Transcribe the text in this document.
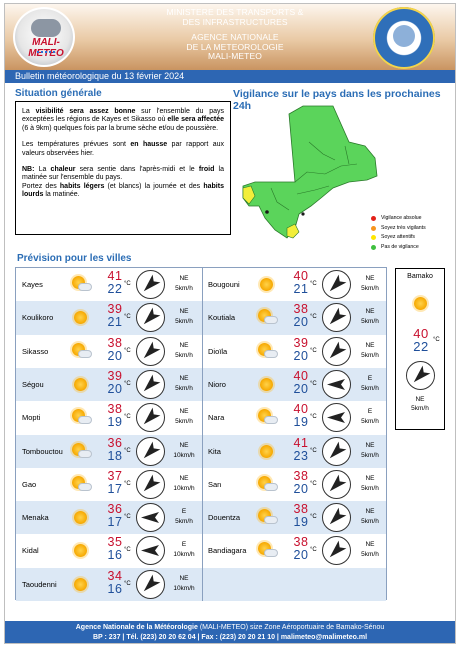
MALI-METEO
MINISTERE DES TRANSPORTS &
DES INFRASTRUCTURES
AGENCE NATIONALE
DE LA METEOROLOGIE
MALI-METEO
Bulletin météorologique du 13 février 2024
Situation générale	Vigilance sur le pays dans les prochaines 24h

La visibilité sera assez bonne sur l'ensemble du pays exceptées les régions de Kayes et Sikasso où elle sera affectée (6 à 9km) quelques fois par la brume sèche et/ou de poussière.

Les températures prévues sont en hausse par rapport aux valeurs observées hier.

NB: La chaleur sera sentie dans l'après-midi et le froid la matinée sur l'ensemble du pays.
Portez des habits légers (et blancs) la journée et des habits lourds la matinée.

Vigilance absolue
Soyez très vigilants
Soyez attentifs
Pas de vigilance
Prévision pour les villes
Kayes
41
22 °C
NE
5km/h
Koulikoro
39
21 °C
NE
5km/h
Sikasso
38
20 °C
NE
5km/h
Ségou
39
20 °C
NE
5km/h
Mopti
38
19 °C
NE
5km/h
Tombouctou
36
18 °C
NE
10km/h
Gao
37
17 °C
NE
10km/h
Menaka
36
17 °C
E
5km/h
Kidal
35
16 °C
E
10km/h
Taoudenni
34
16 °C
NE
10km/h
Bougouni
40
21 °C
NE
5km/h
Koutiala
38
20 °C
NE
5km/h
Dioïla
39
20 °C
NE
5km/h
Nioro
40
20 °C
E
5km/h
Nara
40
19 °C
E
5km/h
Kita
41
23 °C
NE
5km/h
San
38
20 °C
NE
5km/h
Douentza
38
19 °C
NE
5km/h
Bandiagara
38
20 °C
NE
5km/h
Bamako
40
22 °C
NE
5km/h
Agence Nationale de la Météorologie (MALI-METEO) size Zone Aéroportuaire de Bamako-Sénou
BP : 237 | Tél. (223) 20 20 62 04 | Fax : (223) 20 20 21 10 | malimeteo@malimeteo.ml
